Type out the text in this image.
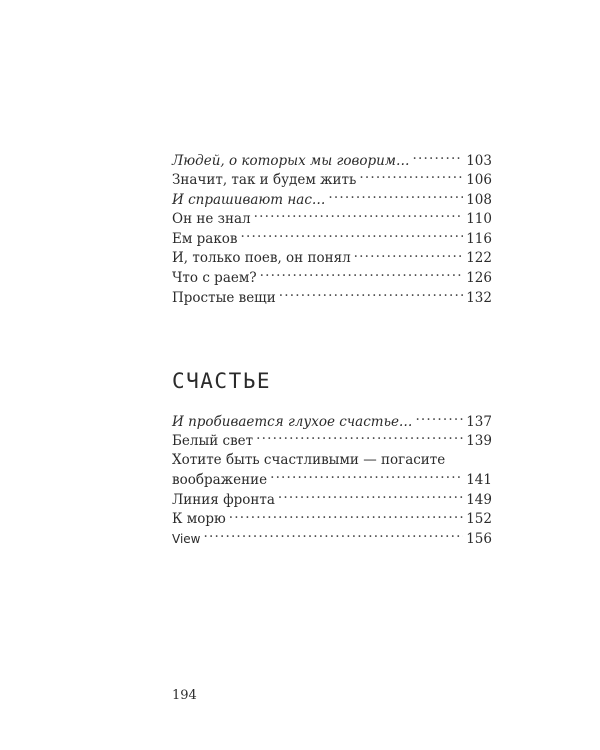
Людей, о которых мы говорим… .....	103
Значит, так и будем жить .....	106
И спрашивают нас… .....	108
Он не знал .....	110
Ем раков .....	116
И, только поев, он понял .....	122
Что с раем? .....	126
Простые вещи .....	132
СЧАСТЬЕ
И пробивается глухое счастье… .....	137
Белый свет .....	139
Хотите быть счастливыми — погасите
воображение .....	141
Линия фронта .....	149
К морю .....	152
View .....	156
194
